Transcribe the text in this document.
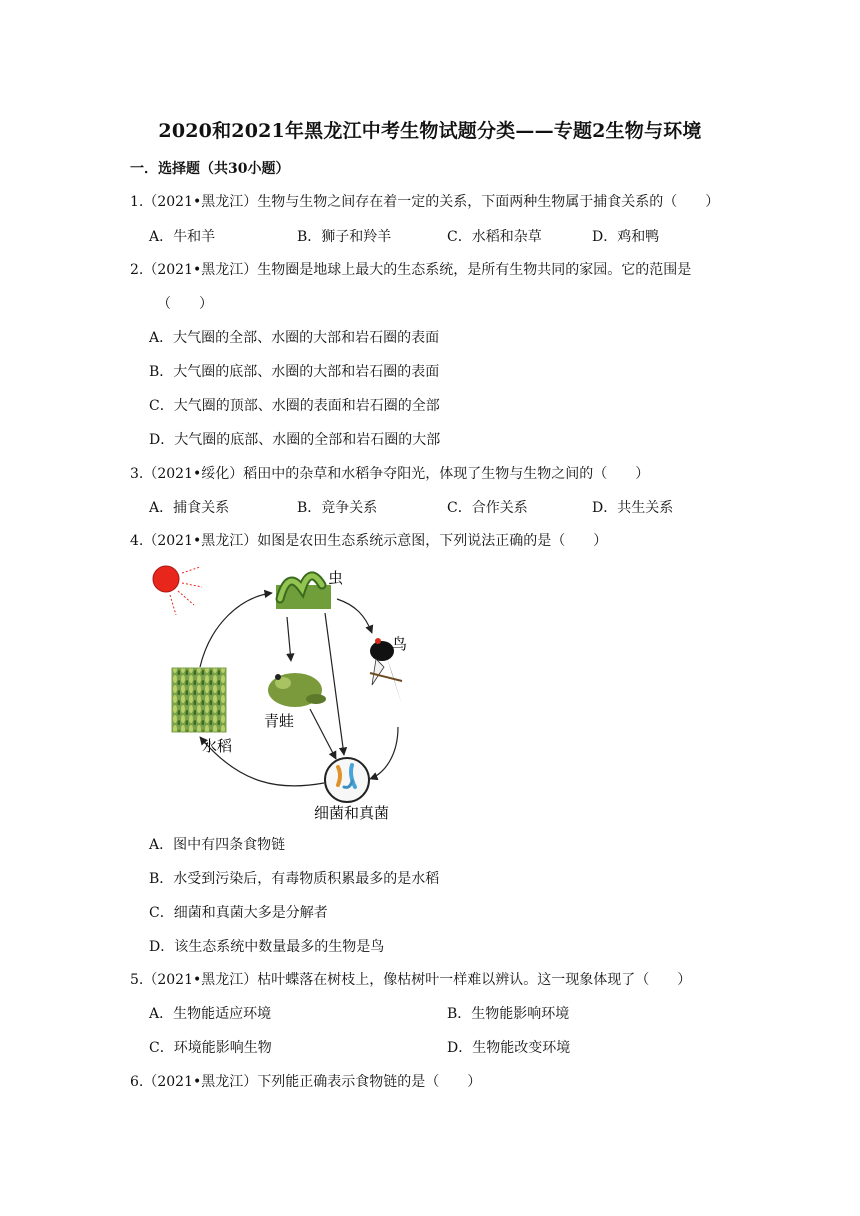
2020和2021年黑龙江中考生物试题分类——专题2生物与环境
一．选择题（共30小题）
1.（2021•黑龙江）生物与生物之间存在着一定的关系，下面两种生物属于捕食关系的（　　）
A．牛和羊	B．狮子和羚羊	C．水稻和杂草	D．鸡和鸭
2.（2021•黑龙江）生物圈是地球上最大的生态系统，是所有生物共同的家园。它的范围是
（　　）
A．大气圈的全部、水圈的大部和岩石圈的表面
B．大气圈的底部、水圈的大部和岩石圈的表面
C．大气圈的顶部、水圈的表面和岩石圈的全部
D．大气圈的底部、水圈的全部和岩石圈的大部
3.（2021•绥化）稻田中的杂草和水稻争夺阳光，体现了生物与生物之间的（　　）
A．捕食关系	B．竞争关系	C．合作关系	D．共生关系
4.（2021•黑龙江）如图是农田生态系统示意图，下列说法正确的是（　　）
虫
鸟
青蛙
水稻
细菌和真菌
A．图中有四条食物链
B．水受到污染后，有毒物质积累最多的是水稻
C．细菌和真菌大多是分解者
D．该生态系统中数量最多的生物是鸟
5.（2021•黑龙江）枯叶蝶落在树枝上，像枯树叶一样难以辨认。这一现象体现了（　　）
A．生物能适应环境	B．生物能影响环境
C．环境能影响生物	D．生物能改变环境
6.（2021•黑龙江）下列能正确表示食物链的是（　　）
